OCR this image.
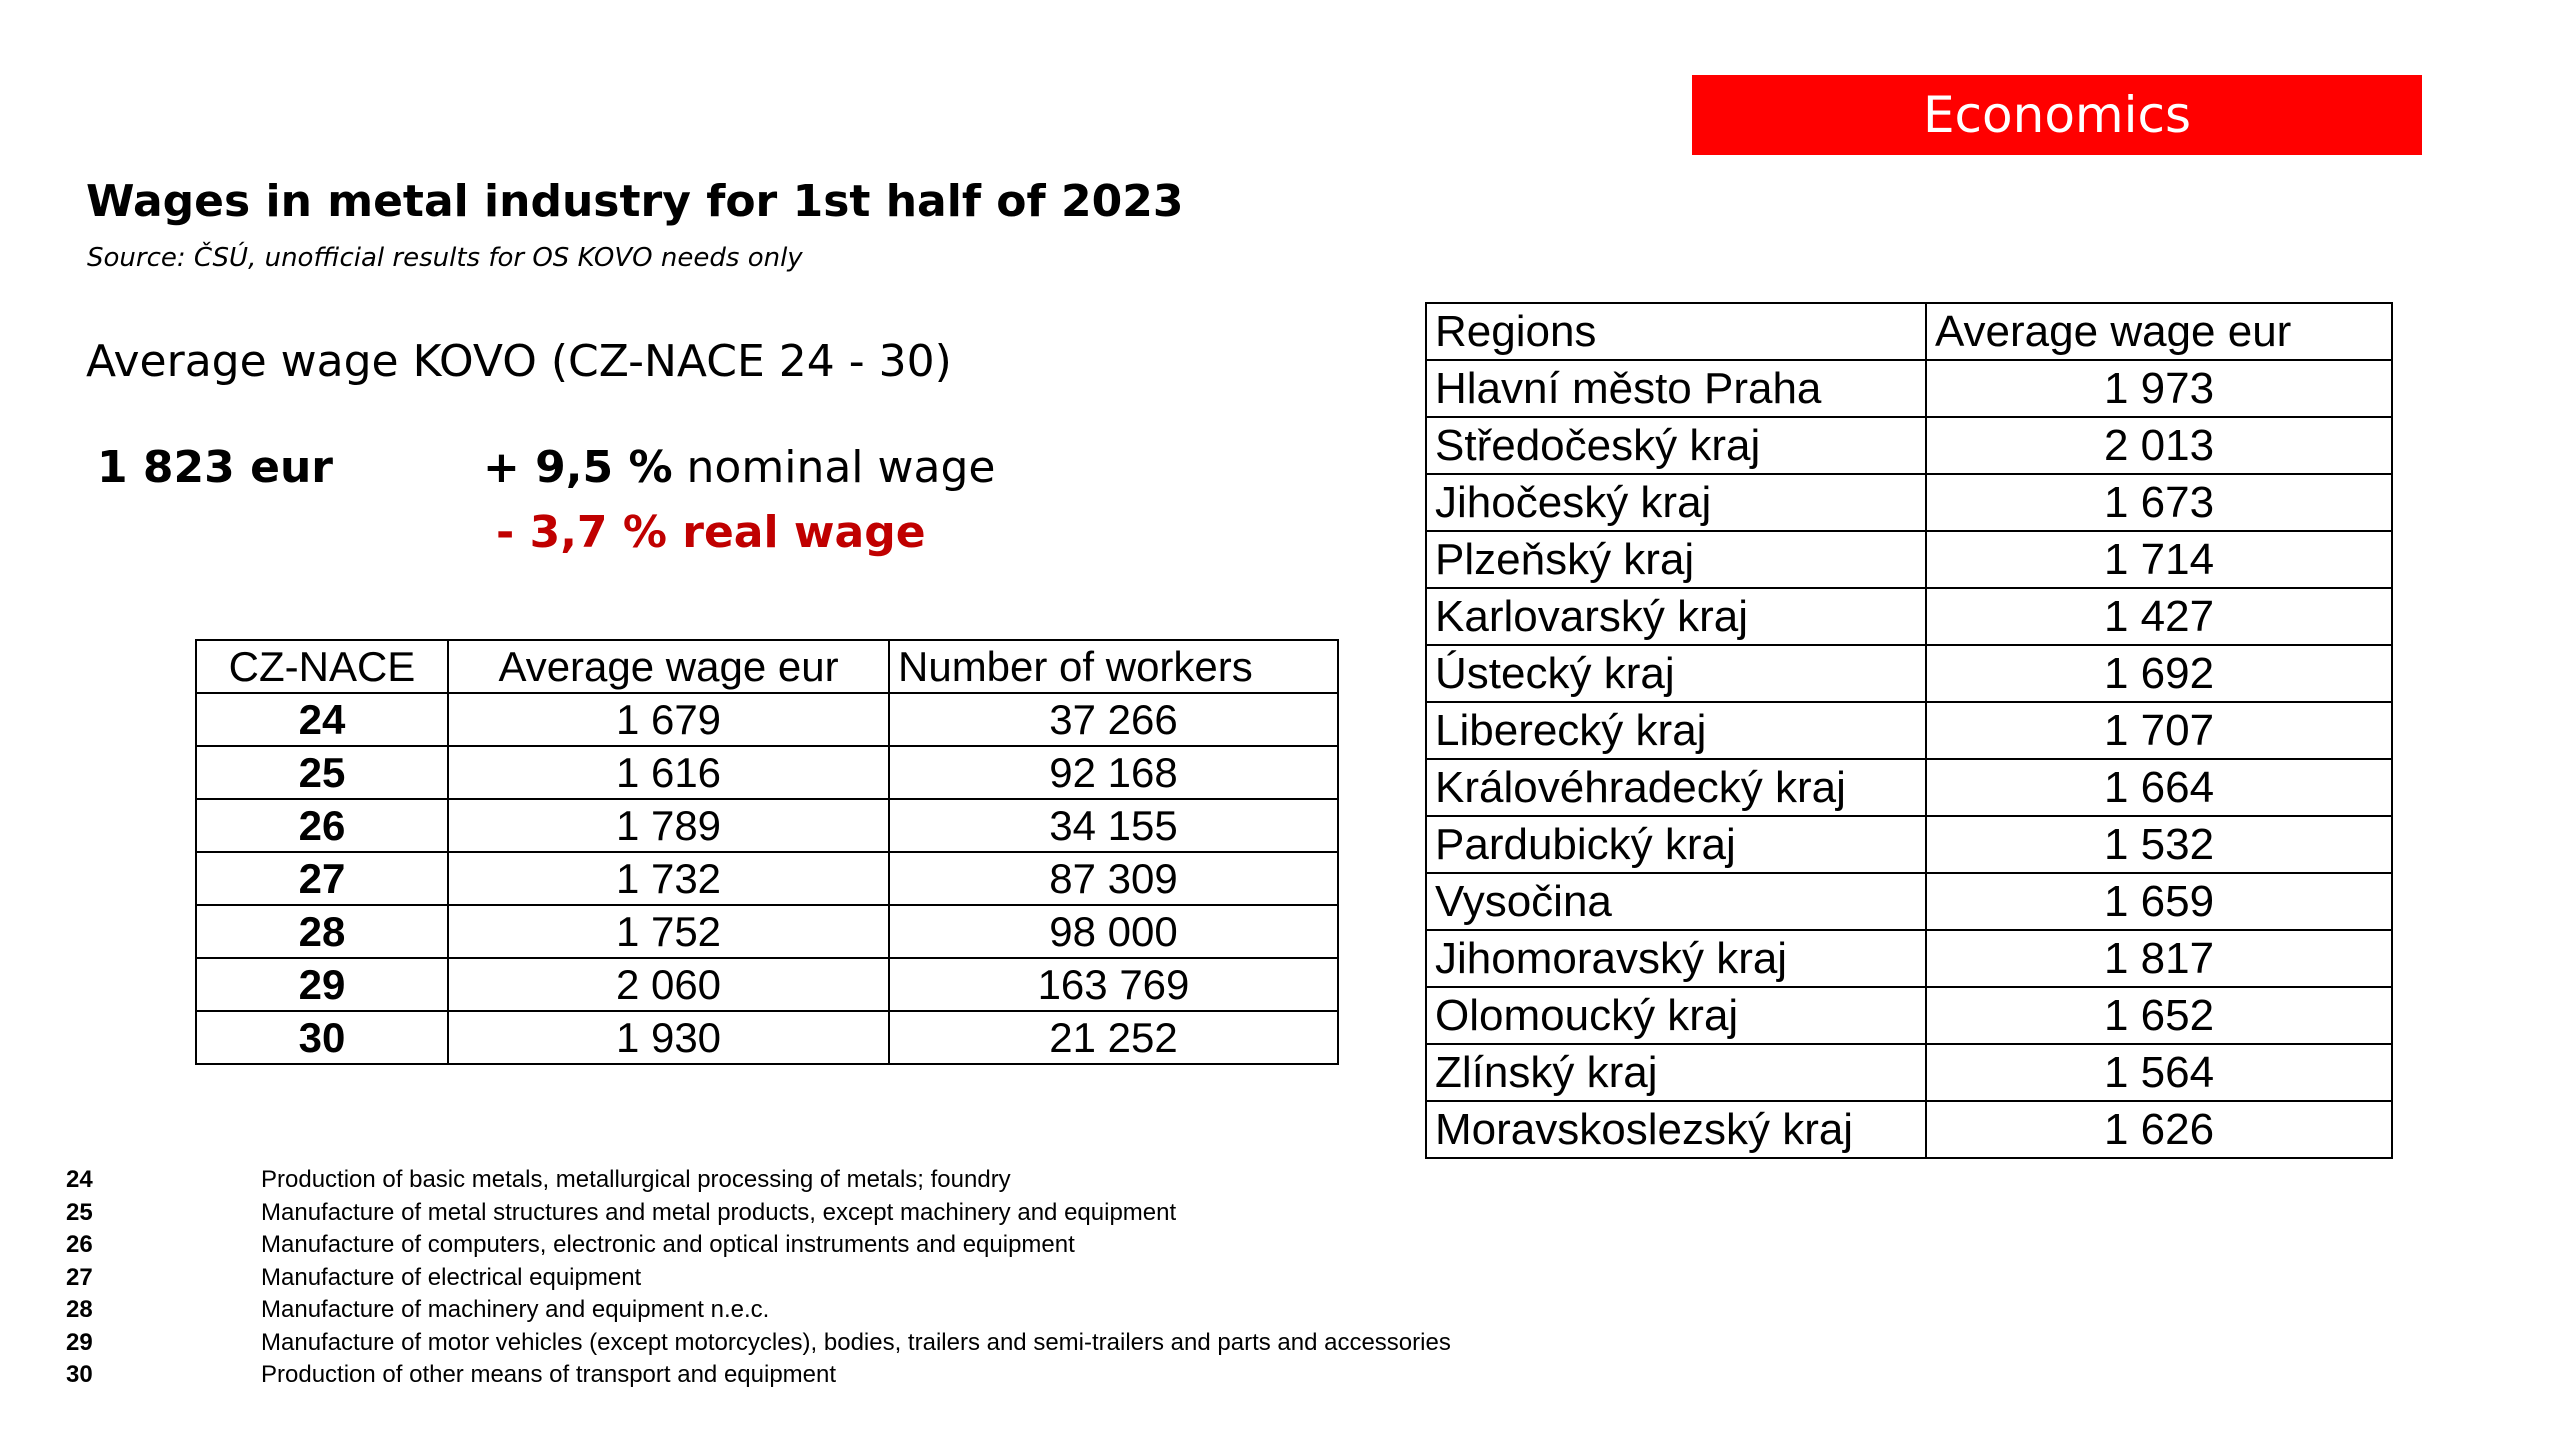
Economics
Wages in metal industry for 1st half of 2023
Source: ČSÚ, unofficial results for OS KOVO needs only
Average wage KOVO (CZ-NACE 24 - 30)
1 823 eur	+ 9,5 % nominal wage
- 3,7 % real wage
CZ-NACE	Average wage eur	Number of workers
24	1 679	37 266
25	1 616	92 168
26	1 789	34 155
27	1 732	87 309
28	1 752	98 000
29	2 060	163 769
30	1 930	21 252
Regions	Average wage eur
Hlavní město Praha	1 973
Středočeský kraj	2 013
Jihočeský kraj	1 673
Plzeňský kraj	1 714
Karlovarský kraj	1 427
Ústecký kraj	1 692
Liberecký kraj	1 707
Královéhradecký kraj	1 664
Pardubický kraj	1 532
Vysočina	1 659
Jihomoravský kraj	1 817
Olomoucký kraj	1 652
Zlínský kraj	1 564
Moravskoslezský kraj	1 626
24	Production of basic metals, metallurgical processing of metals; foundry
25	Manufacture of metal structures and metal products, except machinery and equipment
26	Manufacture of computers, electronic and optical instruments and equipment
27	Manufacture of electrical equipment
28	Manufacture of machinery and equipment n.e.c.
29	Manufacture of motor vehicles (except motorcycles), bodies, trailers and semi-trailers and parts and accessories
30	Production of other means of transport and equipment
